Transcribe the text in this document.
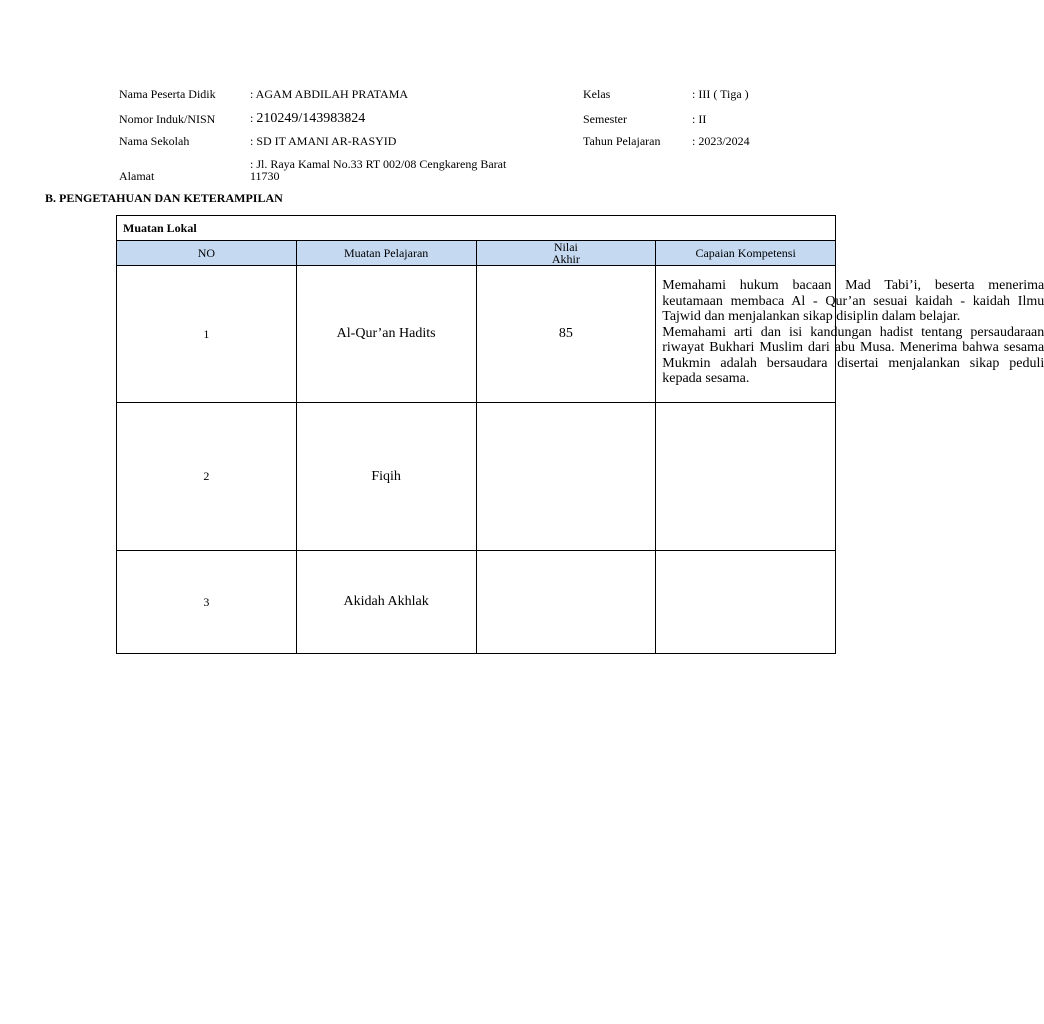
Nama Peserta Didik	: AGAM ABDILAH PRATAMA
Nomor Induk/NISN	: 210249/143983824
Nama Sekolah	: SD IT AMANI AR-RASYID
Alamat
: Jl. Raya Kamal No.33 RT 002/08 Cengkareng Barat
11730
Kelas	: III ( Tiga )
Semester	: II
Tahun Pelajaran	: 2023/2024
B. PENGETAHUAN DAN KETERAMPILAN
Muatan Lokal			
NO	Muatan Pelajaran	Nilai
Akhir	Capaian Kompetensi
1	Al-Qur’an Hadits	85	Memahami hukum bacaan Mad Tabi’i, beserta menerima keutamaan membaca Al - Qur’an sesuai kaidah - kaidah Ilmu Tajwid dan menjalankan sikap disiplin dalam belajar.

Memahami arti dan isi kandungan hadist tentang persaudaraan riwayat Bukhari Muslim dari abu Musa. Menerima bahwa sesama Mukmin adalah bersaudara disertai menjalankan sikap peduli kepada sesama.

2	Fiqih		
3	Akidah Akhlak		
